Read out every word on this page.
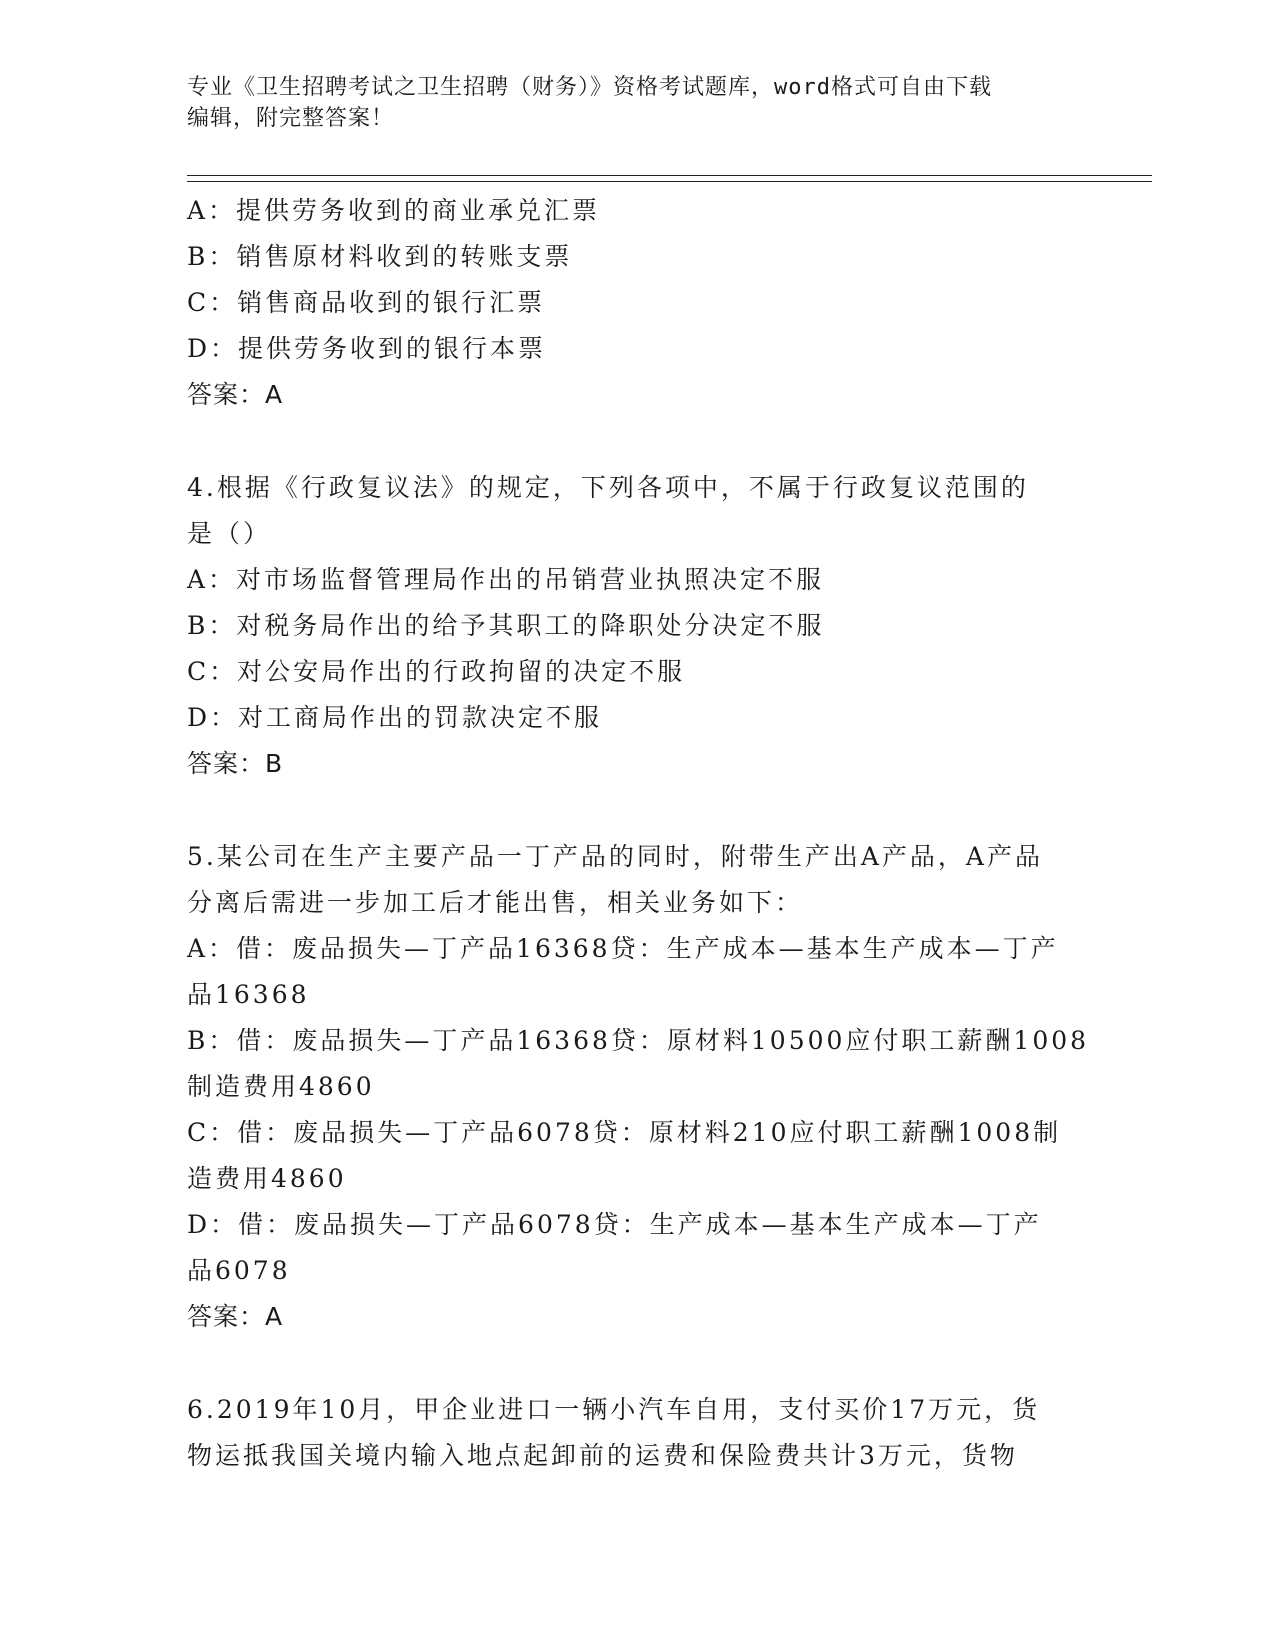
专业《卫生招聘考试之卫生招聘（财务）》资格考试题库，word格式可自由下载
编辑，附完整答案！
A：提供劳务收到的商业承兑汇票
B：销售原材料收到的转账支票
C：销售商品收到的银行汇票
D：提供劳务收到的银行本票
答案：A
4.根据《行政复议法》的规定，下列各项中，不属于行政复议范围的
是（）
A：对市场监督管理局作出的吊销营业执照决定不服
B：对税务局作出的给予其职工的降职处分决定不服
C：对公安局作出的行政拘留的决定不服
D：对工商局作出的罚款决定不服
答案：B
5.某公司在生产主要产品一丁产品的同时，附带生产出A产品，A产品
分离后需进一步加工后才能出售，相关业务如下：
A：借：废品损失—丁产品16368贷：生产成本—基本生产成本—丁产
品16368
B：借：废品损失—丁产品16368贷：原材料10500应付职工薪酬1008
制造费用4860
C：借：废品损失—丁产品6078贷：原材料210应付职工薪酬1008制
造费用4860
D：借：废品损失—丁产品6078贷：生产成本—基本生产成本—丁产
品6078
答案：A
6.2019年10月，甲企业进口一辆小汽车自用，支付买价17万元，货
物运抵我国关境内输入地点起卸前的运费和保险费共计3万元，货物
